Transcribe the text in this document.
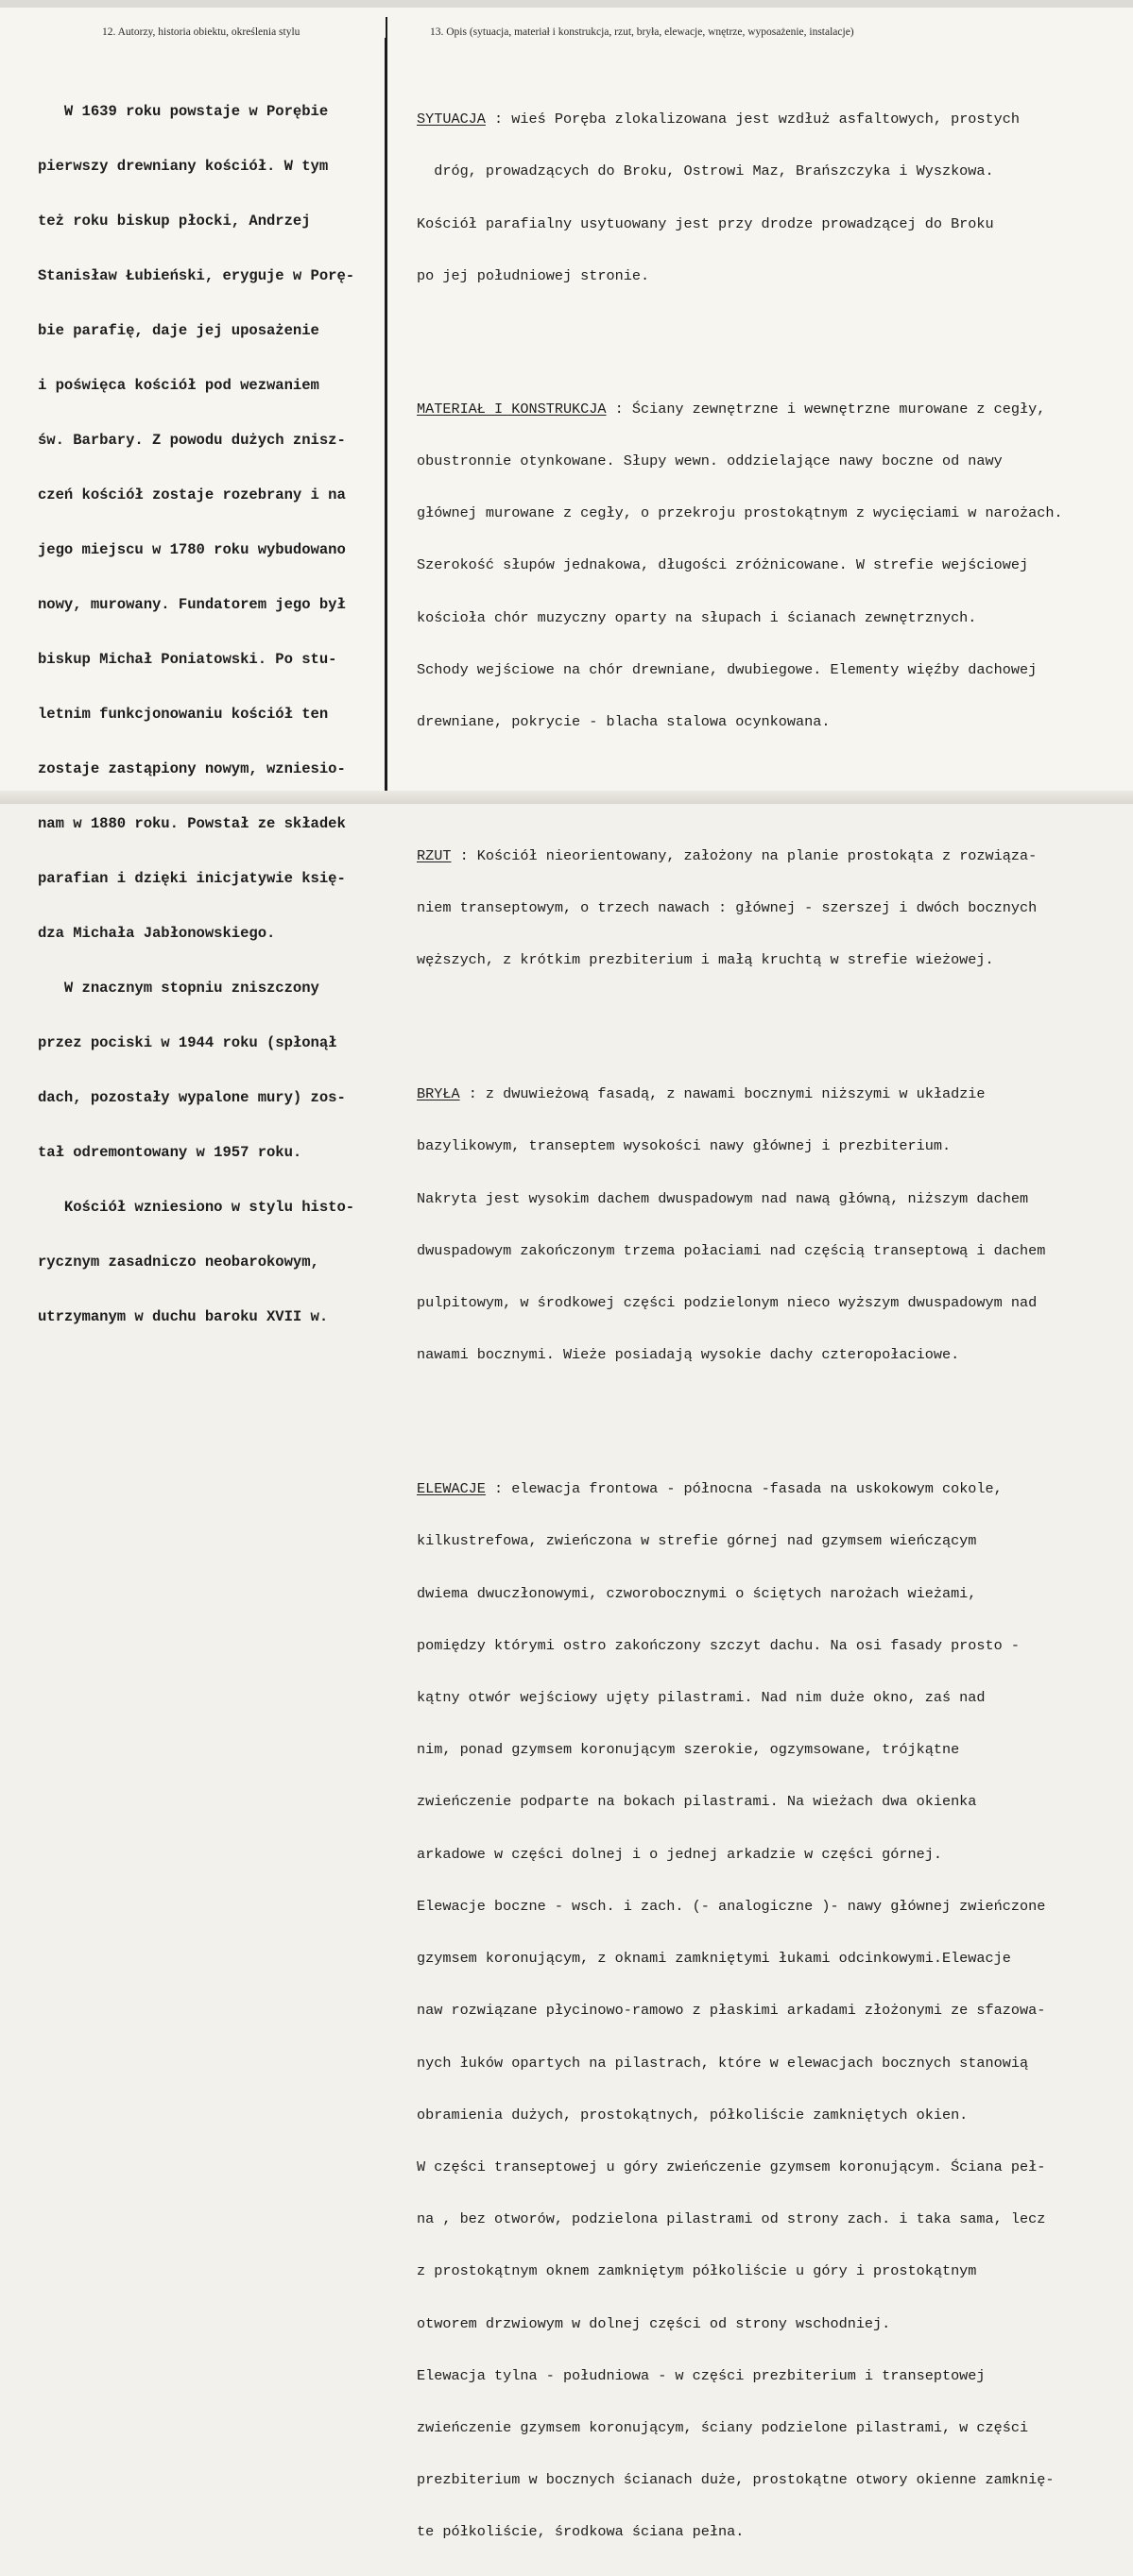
12. Autorzy, historia obiektu, określenia stylu	13. Opis (sytuacja, materiał i konstrukcja, rzut, bryła, elewacje, wnętrze, wyposażenie, instalacje)

W 1639 roku powstaje w Porębie

pierwszy drewniany kościół. W tym

też roku biskup płocki, Andrzej

Stanisław Łubieński, eryguje w Porę-

bie parafię, daje jej uposażenie

i poświęca kościół pod wezwaniem

św. Barbary. Z powodu dużych znisz-

czeń kościół zostaje rozebrany i na

jego miejscu w 1780 roku wybudowano

nowy, murowany. Fundatorem jego był

biskup Michał Poniatowski. Po stu-

letnim funkcjonowaniu kościół ten

zostaje zastąpiony nowym, wzniesio-

nam w 1880 roku. Powstał ze składek

parafian i dzięki inicjatywie księ-

dza Michała Jabłonowskiego.

W znacznym stopniu zniszczony

przez pociski w 1944 roku (spłonął

dach, pozostały wypalone mury) zos-

tał odremontowany w 1957 roku.

Kościół wzniesiono w stylu histo-

rycznym zasadniczo neobarokowym,

utrzymanym w duchu baroku XVII w.

SYTUACJA : wieś Poręba zlokalizowana jest wzdłuż asfaltowych, prostych

dróg, prowadzących do Broku, Ostrowi Maz, Brańszczyka i Wyszkowa.

Kościół parafialny usytuowany jest przy drodze prowadzącej do Broku

po jej południowej stronie.

MATERIAŁ I KONSTRUKCJA : Ściany zewnętrzne i wewnętrzne murowane z cegły,

obustronnie otynkowane. Słupy wewn. oddzielające nawy boczne od nawy

głównej murowane z cegły, o przekroju prostokątnym z wycięciami w narożach.

Szerokość słupów jednakowa, długości zróżnicowane. W strefie wejściowej

kościoła chór muzyczny oparty na słupach i ścianach zewnętrznych.

Schody wejściowe na chór drewniane, dwubiegowe. Elementy więźby dachowej

drewniane, pokrycie - blacha stalowa ocynkowana.

RZUT : Kościół nieorientowany, założony na planie prostokąta z rozwiąza-

niem transeptowym, o trzech nawach : głównej - szerszej i dwóch bocznych

węższych, z krótkim prezbiterium i małą kruchtą w strefie wieżowej.

BRYŁA : z dwuwieżową fasadą, z nawami bocznymi niższymi w układzie

bazylikowym, transeptem wysokości nawy głównej i prezbiterium.

Nakryta jest wysokim dachem dwuspadowym nad nawą główną, niższym dachem

dwuspadowym zakończonym trzema połaciami nad częścią transeptową i dachem

pulpitowym, w środkowej części podzielonym nieco wyższym dwuspadowym nad

nawami bocznymi. Wieże posiadają wysokie dachy czteropołaciowe.

ELEWACJE : elewacja frontowa - północna -fasada na uskokowym cokole,

kilkustrefowa, zwieńczona w strefie górnej nad gzymsem wieńczącym

dwiema dwuczłonowymi, czworobocznymi o ściętych narożach wieżami,

pomiędzy którymi ostro zakończony szczyt dachu. Na osi fasady prosto -

kątny otwór wejściowy ujęty pilastrami. Nad nim duże okno, zaś nad

nim, ponad gzymsem koronującym szerokie, ogzymsowane, trójkątne

zwieńczenie podparte na bokach pilastrami. Na wieżach dwa okienka

arkadowe w części dolnej i o jednej arkadzie w części górnej.

Elewacje boczne - wsch. i zach. (- analogiczne )- nawy głównej zwieńczone

gzymsem koronującym, z oknami zamkniętymi łukami odcinkowymi.Elewacje

naw rozwiązane płycinowo-ramowo z płaskimi arkadami złożonymi ze sfazowa-

nych łuków opartych na pilastrach, które w elewacjach bocznych stanowią

obramienia dużych, prostokątnych, półkoliście zamkniętych okien.

W części transeptowej u góry zwieńczenie gzymsem koronującym. Ściana peł-

na , bez otworów, podzielona pilastrami od strony zach. i taka sama, lecz

z prostokątnym oknem zamkniętym półkoliście u góry i prostokątnym

otworem drzwiowym w dolnej części od strony wschodniej.

Elewacja tylna - południowa - w części prezbiterium i transeptowej

zwieńczenie gzymsem koronującym, ściany podzielone pilastrami, w części

prezbiterium w bocznych ścianach duże, prostokątne otwory okienne zamknię-

te półkoliście, środkowa ściana pełna.
